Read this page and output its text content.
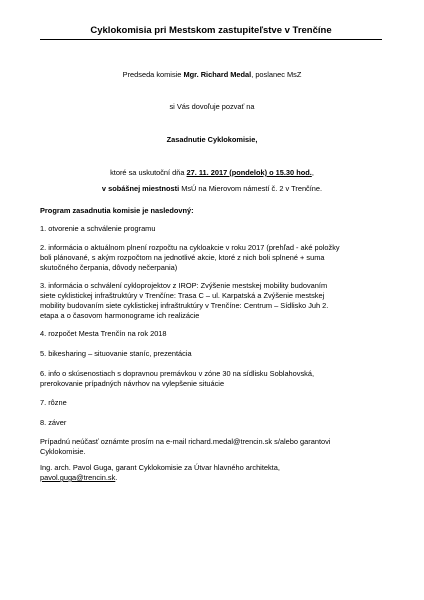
Cyklokomisia pri Mestskom zastupiteľstve v Trenčíne
Predseda komisie Mgr. Richard Medal, poslanec MsZ
si Vás dovoľuje pozvať na
Zasadnutie Cyklokomisie,
ktoré sa uskutoční dňa 27. 11. 2017 (pondelok) o 15.30 hod.,
v sobášnej miestnosti MsÚ na Mierovom námestí č. 2 v Trenčíne.
Program zasadnutia komisie je nasledovný:
1. otvorenie a schválenie programu
2. informácia o aktuálnom plnení rozpočtu na cykloakcie v roku 2017 (prehľad - aké položky
boli plánované, s akým rozpočtom na jednotlivé akcie, ktoré z nich boli splnené + suma
skutočného čerpania, dôvody nečerpania)
3. informácia o schválení cykloprojektov z IROP: Zvýšenie mestskej mobility budovaním
siete cyklistickej infraštruktúry v Trenčíne: Trasa C – ul. Karpatská a Zvýšenie mestskej
mobility budovaním siete cyklistickej infraštruktúry v Trenčíne: Centrum – Sídlisko Juh 2.
etapa a o časovom harmonograme ich realizácie
4. rozpočet Mesta Trenčín na rok 2018
5. bikesharing – situovanie staníc, prezentácia
6. info o skúsenostiach s dopravnou premávkou v zóne 30 na sídlisku Soblahovská,
prerokovanie prípadných návrhov na vylepšenie situácie
7. rôzne
8. záver
Prípadnú neúčasť oznámte prosím na e-mail richard.medal@trencin.sk s/alebo garantovi
Cyklokomisie.
Ing. arch. Pavol Guga, garant Cyklokomisie za Útvar hlavného architekta,
pavol.guga@trencin.sk.
